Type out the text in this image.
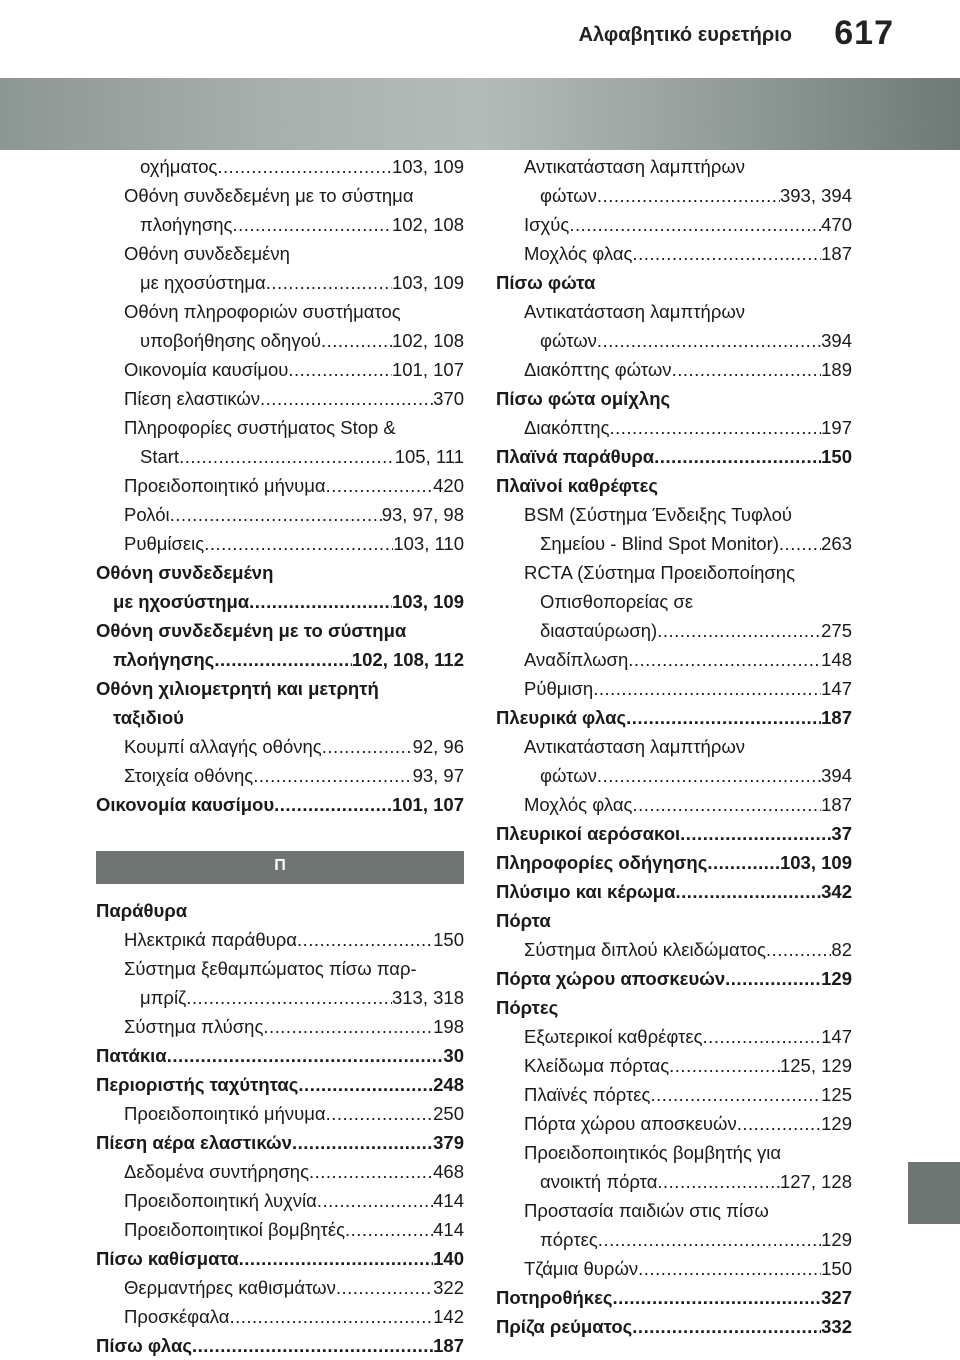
Αλφαβητικό ευρετήριο 617
οχήματος .....	103, 109
Οθόνη συνδεδεμένη με το σύστημα
πλοήγησης .....	102, 108
Οθόνη συνδεδεμένη
με ηχοσύστημα .....	103, 109
Οθόνη πληροφοριών συστήματος
υποβοήθησης οδηγού .....	102, 108
Οικονομία καυσίμου .....	101, 107
Πίεση ελαστικών .....	370
Πληροφορίες συστήματος Stop &
Start .....	105, 111
Προειδοποιητικό μήνυμα .....	420
Ρολόι .....	93, 97, 98
Ρυθμίσεις .....	103, 110
Οθόνη συνδεδεμένη
με ηχοσύστημα .....	103, 109
Οθόνη συνδεδεμένη με το σύστημα
πλοήγησης .....	102, 108, 112
Οθόνη χιλιομετρητή και μετρητή
ταξιδιού
Κουμπί αλλαγής οθόνης .....	92, 96
Στοιχεία οθόνης .....	93, 97
Οικονομία καυσίμου .....	101, 107
Π
Παράθυρα
Ηλεκτρικά παράθυρα .....	150
Σύστημα ξεθαμπώματος πίσω παρ-
μπρίζ .....	313, 318
Σύστημα πλύσης .....	198
Πατάκια .....	30
Περιοριστής ταχύτητας .....	248
Προειδοποιητικό μήνυμα .....	250
Πίεση αέρα ελαστικών .....	379
Δεδομένα συντήρησης .....	468
Προειδοποιητική λυχνία .....	414
Προειδοποιητικοί βομβητές .....	414
Πίσω καθίσματα .....	140
Θερμαντήρες καθισμάτων .....	322
Προσκέφαλα .....	142
Πίσω φλας .....	187
Αντικατάσταση λαμπτήρων
φώτων .....	393, 394
Ισχύς .....	470
Μοχλός φλας .....	187
Πίσω φώτα
Αντικατάσταση λαμπτήρων
φώτων .....	394
Διακόπτης φώτων .....	189
Πίσω φώτα ομίχλης
Διακόπτης .....	197
Πλαϊνά παράθυρα .....	150
Πλαϊνοί καθρέφτες
BSM (Σύστημα Ένδειξης Τυφλού
Σημείου - Blind Spot Monitor) ..... 263
RCTA (Σύστημα Προειδοποίησης
Οπισθοπορείας σε
διασταύρωση) .....	275
Αναδίπλωση .....	148
Ρύθμιση .....	147
Πλευρικά φλας .....	187
Αντικατάσταση λαμπτήρων
φώτων .....	394
Μοχλός φλας .....	187
Πλευρικοί αερόσακοι .....	37
Πληροφορίες οδήγησης .....	103, 109
Πλύσιμο και κέρωμα .....	342
Πόρτα
Σύστημα διπλού κλειδώματος .....	82
Πόρτα χώρου αποσκευών .....	129
Πόρτες
Εξωτερικοί καθρέφτες .....	147
Κλείδωμα πόρτας .....	125, 129
Πλαϊνές πόρτες .....	125
Πόρτα χώρου αποσκευών .....	129
Προειδοποιητικός βομβητής για
ανοικτή πόρτα .....	127, 128
Προστασία παιδιών στις πίσω
πόρτες .....	129
Τζάμια θυρών .....	150
Ποτηροθήκες .....	327
Πρίζα ρεύματος .....	332
